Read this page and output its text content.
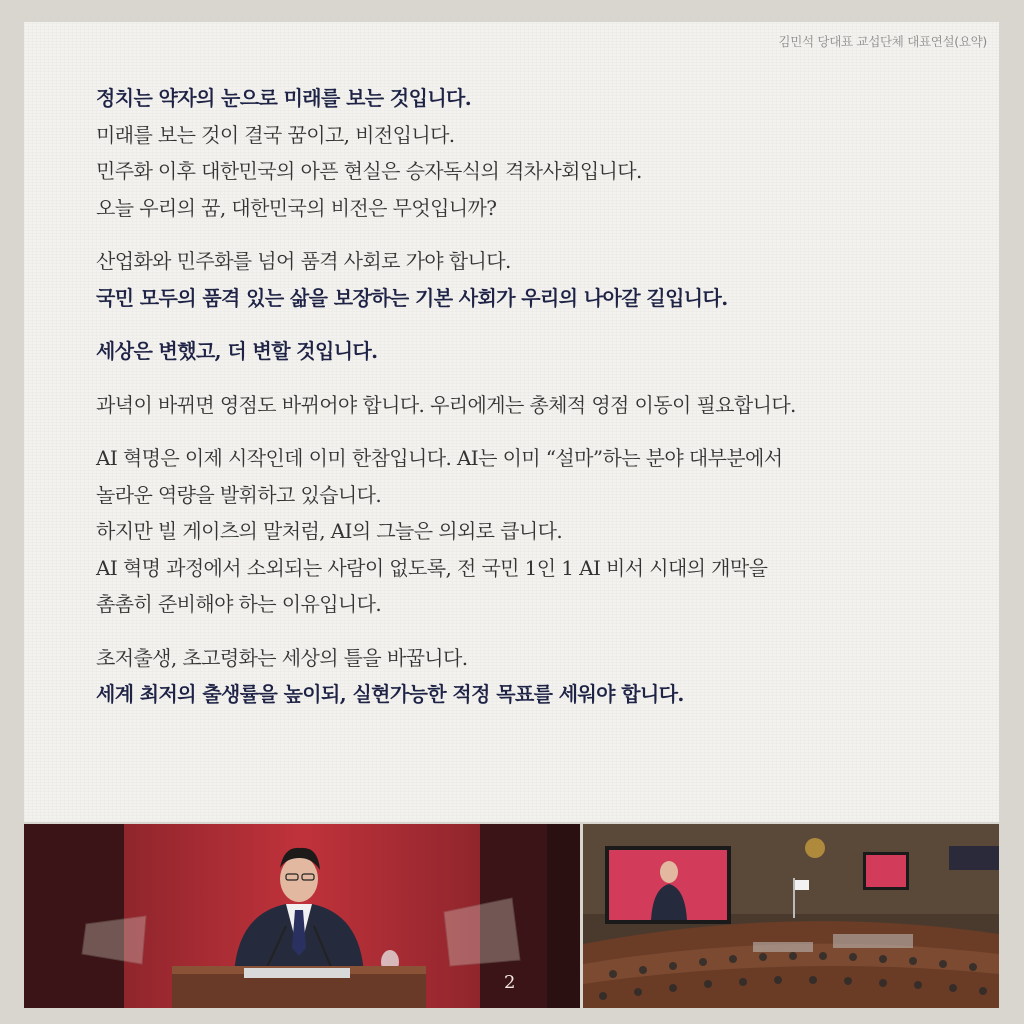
김민석 당대표 교섭단체 대표연설(요약)
정치는 약자의 눈으로 미래를 보는 것입니다.
미래를 보는 것이 결국 꿈이고, 비전입니다.
민주화 이후 대한민국의 아픈 현실은 승자독식의 격차사회입니다.
오늘 우리의 꿈, 대한민국의 비전은 무엇입니까?
산업화와 민주화를 넘어 품격 사회로 가야 합니다.
국민 모두의 품격 있는 삶을 보장하는 기본 사회가 우리의 나아갈 길입니다.
세상은 변했고, 더 변할 것입니다.
과녁이 바뀌면 영점도 바뀌어야 합니다. 우리에게는 총체적 영점 이동이 필요합니다.
AI 혁명은 이제 시작인데 이미 한참입니다. AI는 이미 “설마”하는 분야 대부분에서
놀라운 역량을 발휘하고 있습니다.
하지만 빌 게이츠의 말처럼, AI의 그늘은 의외로 큽니다.
AI 혁명 과정에서 소외되는 사람이 없도록, 전 국민 1인 1 AI 비서 시대의 개막을
촘촘히 준비해야 하는 이유입니다.
초저출생, 초고령화는 세상의 틀을 바꿉니다.
세계 최저의 출생률을 높이되, 실현가능한 적정 목표를 세워야 합니다.
2
